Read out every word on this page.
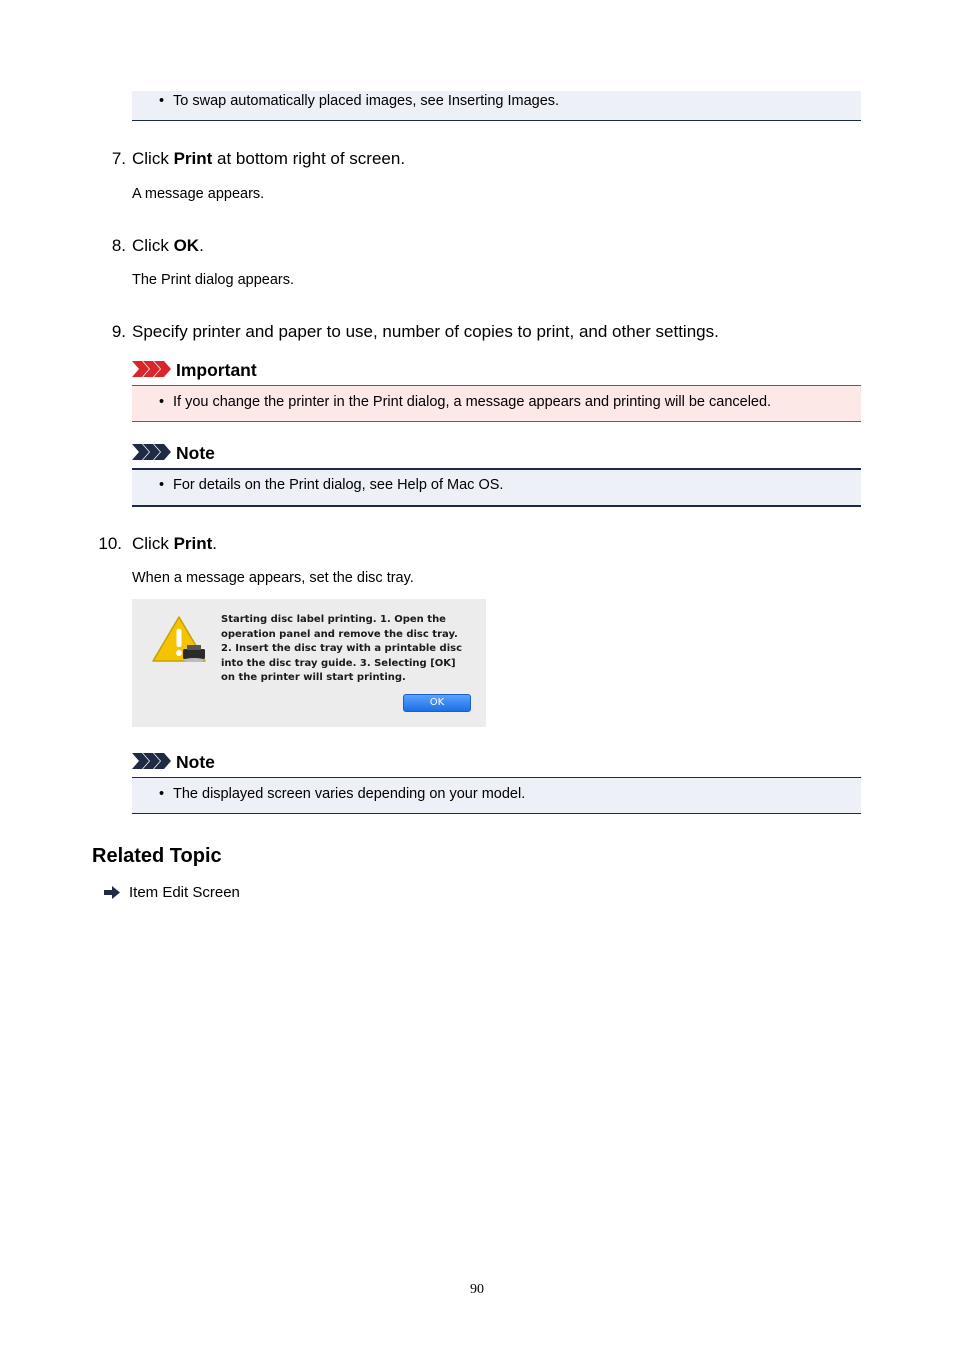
• To swap automatically placed images, see Inserting Images.
7. Click Print at bottom right of screen.
A message appears.
8. Click OK.
The Print dialog appears.
9. Specify printer and paper to use, number of copies to print, and other settings.
Important
• If you change the printer in the Print dialog, a message appears and printing will be canceled.
Note
• For details on the Print dialog, see Help of Mac OS.
10. Click Print.
When a message appears, set the disc tray.
Starting disc label printing. 1. Open the operation panel and remove the disc tray. 2. Insert the disc tray with a printable disc into the disc tray guide. 3. Selecting [OK] on the printer will start printing.
OK
Note
• The displayed screen varies depending on your model.
Related Topic
Item Edit Screen
90
